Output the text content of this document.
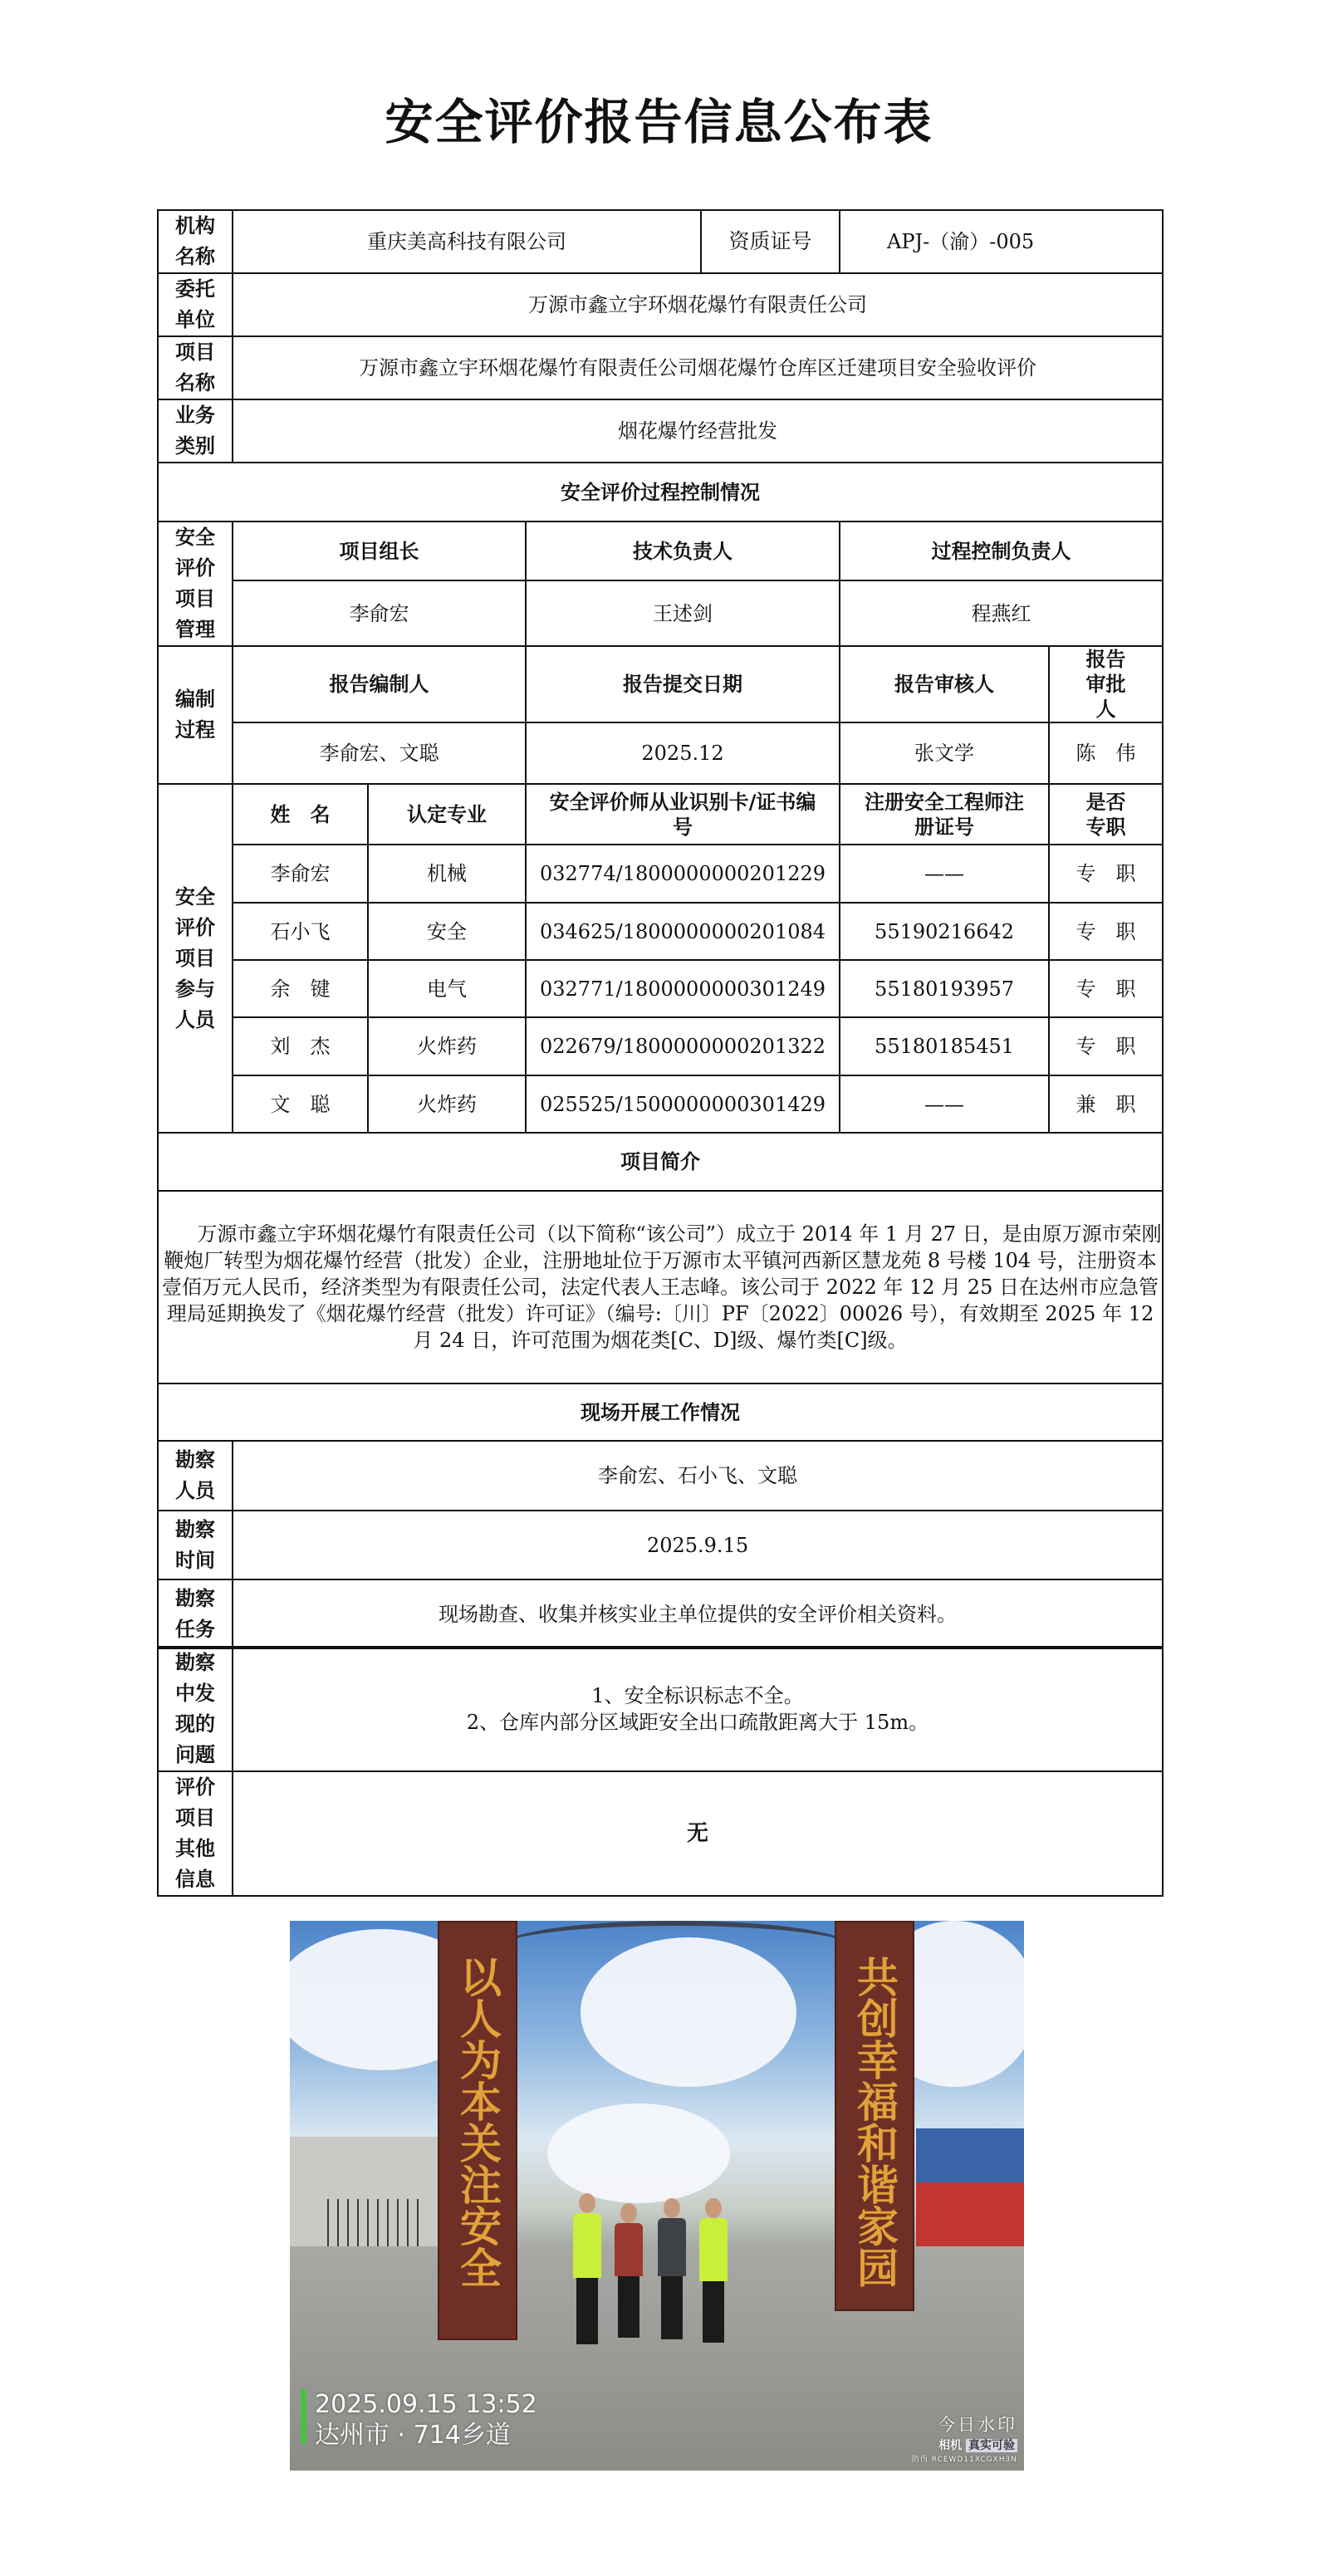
安全评价报告信息公布表
机构名称	重庆美高科技有限公司			资质证号	APJ-（渝）-005	
委托单位	万源市鑫立宇环烟花爆竹有限责任公司					
项目名称	万源市鑫立宇环烟花爆竹有限责任公司烟花爆竹仓库区迁建项目安全验收评价					
业务类别	烟花爆竹经营批发					
安全评价过程控制情况						
安全评价项目管理	项目组长		技术负责人		过程控制负责人	
	李俞宏		王述剑		程燕红	
编制过程	报告编制人		报告提交日期		报告审核人	报告审批人
	李俞宏、文聪		2025.12		张文学	陈　伟
安全评价项目参与人员	姓　名	认定专业	安全评价师从业识别卡/证书编号		注册安全工程师注册证号	是否专职
	李俞宏	机械	032774/1800000000201229		——	专　职
	石小飞	安全	034625/1800000000201084		55190216642	专　职
	余　键	电气	032771/1800000000301249		55180193957	专　职
	刘　杰	火炸药	022679/1800000000201322		55180185451	专　职
	文　聪	火炸药	025525/1500000000301429		——	兼　职
项目简介						
万源市鑫立宇环烟花爆竹有限责任公司（以下简称“该公司”）成立于 2014 年 1 月 27 日，是由原万源市荣刚鞭炮厂转型为烟花爆竹经营（批发）企业，注册地址位于万源市太平镇河西新区慧龙苑 8 号楼 104 号，注册资本壹佰万元人民币，经济类型为有限责任公司，法定代表人王志峰。该公司于 2022 年 12 月 25 日在达州市应急管理局延期换发了《烟花爆竹经营（批发）许可证》（编号:〔川〕PF〔2022〕00026 号），有效期至 2025 年 12 月 24 日，许可范围为烟花类[C、D]级、爆竹类[C]级。						
现场开展工作情况						
勘察人员	李俞宏、石小飞、文聪					
勘察时间	2025.9.15					
勘察任务	现场勘查、收集并核实业主单位提供的安全评价相关资料。					
勘察中发现的问题	1、安全标识标志不全。
2、仓库内部分区域距安全出口疏散距离大于 15m。

评价项目其他信息	无
以人为本关注安全	共创幸福和谐家园
2025.09.15 13:52
达州市 · 714乡道	今日水印
相机 真实可验
防伪 RCEWD11XCGXH3N
